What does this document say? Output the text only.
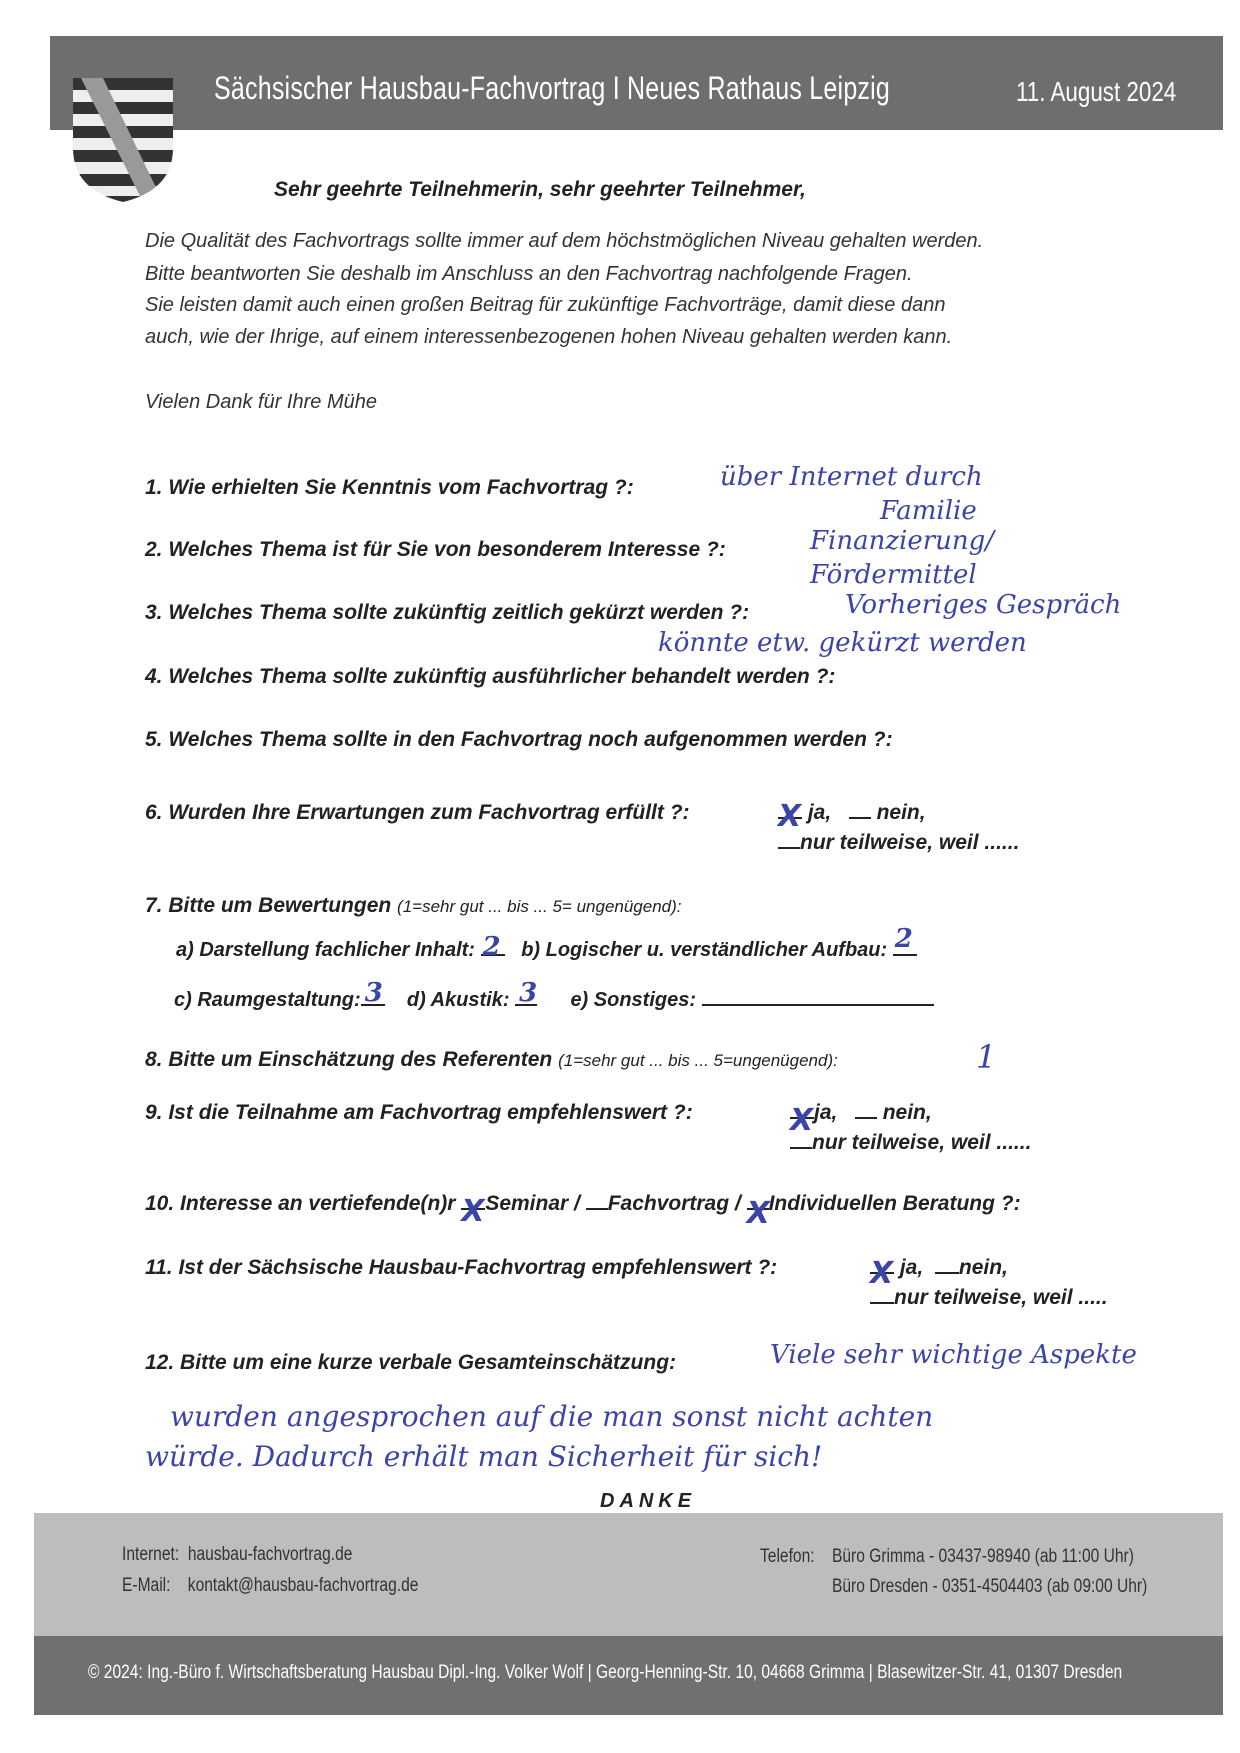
Sächsischer Hausbau-Fachvortrag I Neues Rathaus Leipzig	11. August 2024
Sehr geehrte Teilnehmerin, sehr geehrter Teilnehmer,
Die Qualität des Fachvortrags sollte immer auf dem höchstmöglichen Niveau gehalten werden.
Bitte beantworten Sie deshalb im Anschluss an den Fachvortrag nachfolgende Fragen.
Sie leisten damit auch einen großen Beitrag für zukünftige Fachvorträge, damit diese dann
auch, wie der Ihrige, auf einem interessenbezogenen hohen Niveau gehalten werden kann.
Vielen Dank für Ihre Mühe
1. Wie erhielten Sie Kenntnis vom Fachvortrag ?:	über Internet durch
Familie
2. Welches Thema ist für Sie von besonderem Interesse ?:	Finanzierung/
Fördermittel
3. Welches Thema sollte zukünftig zeitlich gekürzt werden ?:	Vorheriges Gespräch
könnte etw. gekürzt werden
4. Welches Thema sollte zukünftig ausführlicher behandelt werden ?:
5. Welches Thema sollte in den Fachvortrag noch aufgenommen werden ?:
6. Wurden Ihre Erwartungen zum Fachvortrag erfüllt ?:	X ja, nein,
nur teilweise, weil ......
7. Bitte um Bewertungen (1=sehr gut ... bis ... 5= ungenügend):
a) Darstellung fachlicher Inhalt: 2 b) Logischer u. verständlicher Aufbau: 2
c) Raumgestaltung: 3 d) Akustik: 3 e) Sonstiges:
8. Bitte um Einschätzung des Referenten (1=sehr gut ... bis ... 5=ungenügend):	1
9. Ist die Teilnahme am Fachvortrag empfehlenswert ?:	X ja, nein,
nur teilweise, weil ......
10. Interesse an vertiefende(n)r X Seminar / Fachvortrag / X
Individuellen Beratung ?:
11. Ist der Sächsische Hausbau-Fachvortrag empfehlenswert ?:	X ja, nein,
nur teilweise, weil .....
12. Bitte um eine kurze verbale Gesamteinschätzung:	Viele sehr wichtige Aspekte
wurden angesprochen auf die man sonst nicht achten
würde. Dadurch erhält man Sicherheit für sich!
DANKE
Internet: hausbau-fachvortrag.de
E-Mail: kontakt@hausbau-fachvortrag.de
Telefon: Büro Grimma - 03437-98940 (ab 11:00 Uhr)
Büro Dresden - 0351-4504403 (ab 09:00 Uhr)
© 2024: Ing.-Büro f. Wirtschaftsberatung Hausbau Dipl.-Ing. Volker Wolf | Georg-Henning-Str. 10, 04668 Grimma | Blasewitzer-Str. 41, 01307 Dresden
